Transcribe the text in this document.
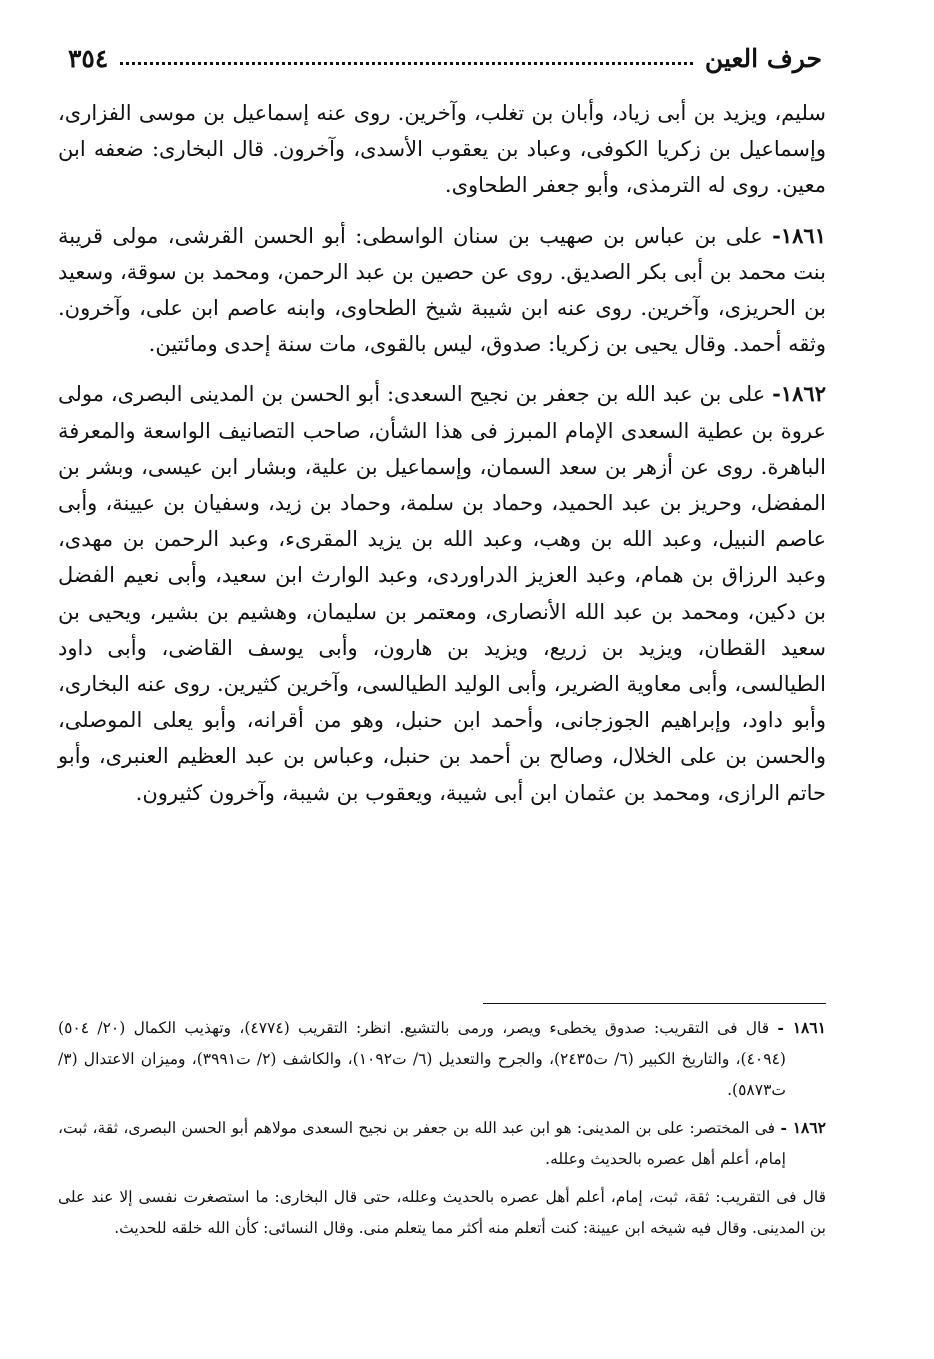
حرف العين
٣٥٤

سليم، ويزيد بن أبى زياد، وأبان بن تغلب، وآخرين. روى عنه إسماعيل بن موسى الفزارى، وإسماعيل بن زكريا الكوفى، وعباد بن يعقوب الأسدى، وآخرون. قال البخارى: ضعفه ابن معين. روى له الترمذى، وأبو جعفر الطحاوى.

١٨٦١- على بن عباس بن صهيب بن سنان الواسطى: أبو الحسن القرشى، مولى قريبة بنت محمد بن أبى بكر الصديق. روى عن حصين بن عبد الرحمن، ومحمد بن سوقة، وسعيد بن الحريزى، وآخرين. روى عنه ابن شيبة شيخ الطحاوى، وابنه عاصم ابن على، وآخرون. وثقه أحمد. وقال يحيى بن زكريا: صدوق، ليس بالقوى، مات سنة إحدى ومائتين.

١٨٦٢- على بن عبد الله بن جعفر بن نجيح السعدى: أبو الحسن بن المدينى البصرى، مولى عروة بن عطية السعدى الإمام المبرز فى هذا الشأن، صاحب التصانيف الواسعة والمعرفة الباهرة. روى عن أزهر بن سعد السمان، وإسماعيل بن علية، وبشار ابن عيسى، وبشر بن المفضل، وحريز بن عبد الحميد، وحماد بن سلمة، وحماد بن زيد، وسفيان بن عيينة، وأبى عاصم النبيل، وعبد الله بن وهب، وعبد الله بن يزيد المقرىء، وعبد الرحمن بن مهدى، وعبد الرزاق بن همام، وعبد العزيز الدراوردى، وعبد الوارث ابن سعيد، وأبى نعيم الفضل بن دكين، ومحمد بن عبد الله الأنصارى، ومعتمر بن سليمان، وهشيم بن بشير، ويحيى بن سعيد القطان، ويزيد بن زريع، ويزيد بن هارون، وأبى يوسف القاضى، وأبى داود الطيالسى، وأبى معاوية الضرير، وأبى الوليد الطيالسى، وآخرين كثيرين. روى عنه البخارى، وأبو داود، وإبراهيم الجوزجانى، وأحمد ابن حنبل، وهو من أقرانه، وأبو يعلى الموصلى، والحسن بن على الخلال، وصالح بن أحمد بن حنبل، وعباس بن عبد العظيم العنبرى، وأبو حاتم الرازى، ومحمد بن عثمان ابن أبى شيبة، ويعقوب بن شيبة، وآخرون كثيرون.

١٨٦١ - قال فى التقريب: صدوق يخطىء ويصر، ورمى بالتشيع. انظر: التقريب (٤٧٧٤)، وتهذيب الكمال (٢٠/ ٥٠٤) (٤٠٩٤)، والتاريخ الكبير (٦/ ت٢٤٣٥)، والجرح والتعديل (٦/ ت١٠٩٢)، والكاشف (٢/ ت٣٩٩١)، وميزان الاعتدال (٣/ ت٥٨٧٣).

١٨٦٢ - فى المختصر: على بن المدينى: هو ابن عبد الله بن جعفر بن نجيح السعدى مولاهم أبو الحسن البصرى، ثقة، ثبت، إمام، أعلم أهل عصره بالحديث وعلله.

قال فى التقريب: ثقة، ثبت، إمام، أعلم أهل عصره بالحديث وعلله، حتى قال البخارى: ما استصغرت نفسى إلا عند على بن المدينى. وقال فيه شيخه ابن عيينة: كنت أتعلم منه أكثر مما يتعلم منى. وقال النسائى: كأن الله خلقه للحديث.
